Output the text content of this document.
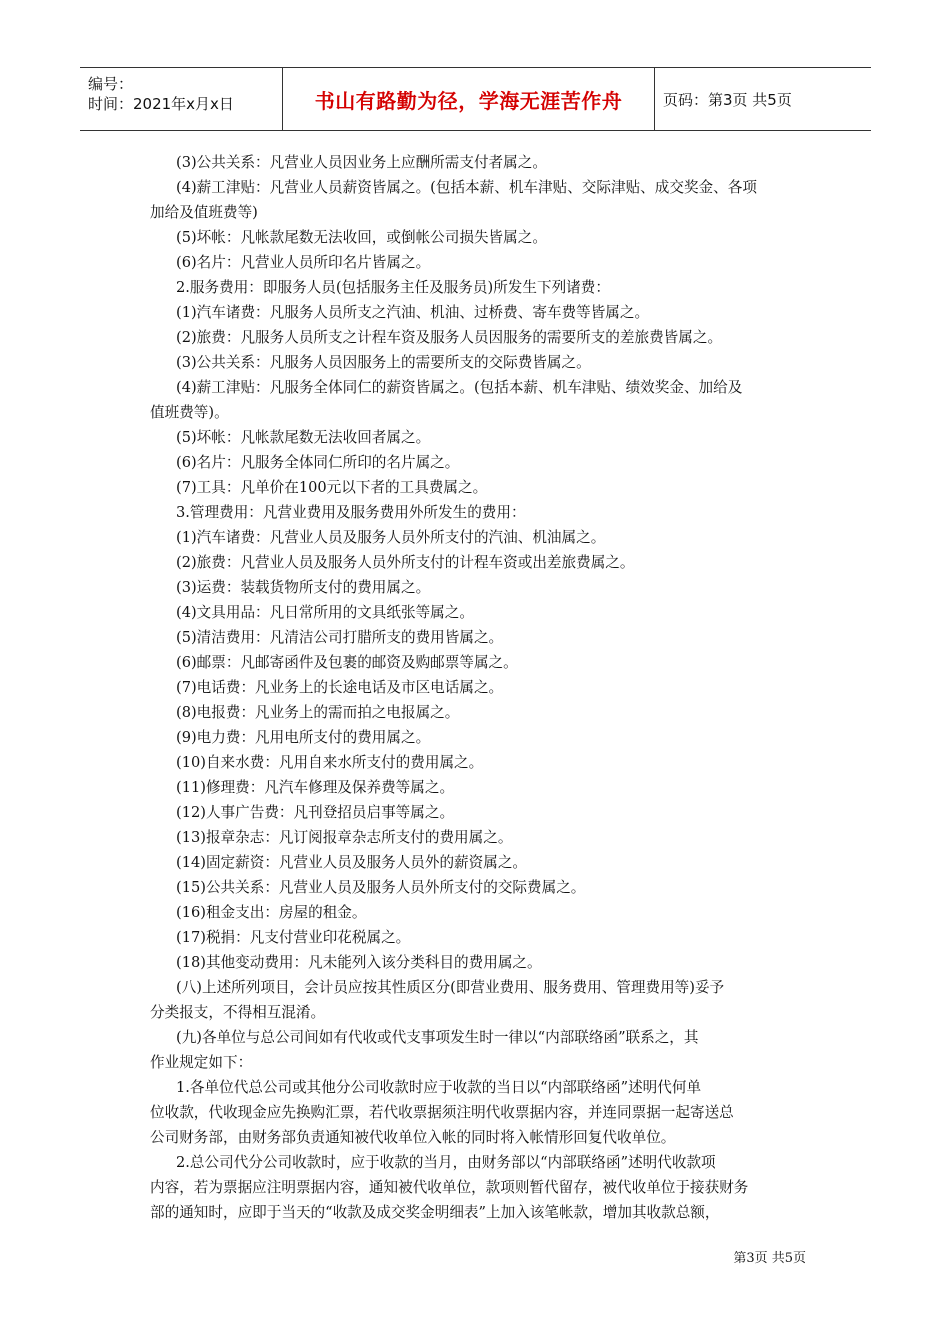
编号：
时间：2021年x月x日	书山有路勤为径，学海无涯苦作舟	页码：第3页 共5页
(3)公共关系：凡营业人员因业务上应酬所需支付者属之。
(4)薪工津贴：凡营业人员薪资皆属之。(包括本薪、机车津贴、交际津贴、成交奖金、各项
加给及值班费等)
(5)坏帐：凡帐款尾数无法收回，或倒帐公司损失皆属之。
(6)名片：凡营业人员所印名片皆属之。
2.服务费用：即服务人员(包括服务主任及服务员)所发生下列诸费：
(1)汽车诸费：凡服务人员所支之汽油、机油、过桥费、寄车费等皆属之。
(2)旅费：凡服务人员所支之计程车资及服务人员因服务的需要所支的差旅费皆属之。
(3)公共关系：凡服务人员因服务上的需要所支的交际费皆属之。
(4)薪工津贴：凡服务全体同仁的薪资皆属之。(包括本薪、机车津贴、绩效奖金、加给及
值班费等)。
(5)坏帐：凡帐款尾数无法收回者属之。
(6)名片：凡服务全体同仁所印的名片属之。
(7)工具：凡单价在100元以下者的工具费属之。
3.管理费用：凡营业费用及服务费用外所发生的费用：
(1)汽车诸费：凡营业人员及服务人员外所支付的汽油、机油属之。
(2)旅费：凡营业人员及服务人员外所支付的计程车资或出差旅费属之。
(3)运费：装载货物所支付的费用属之。
(4)文具用品：凡日常所用的文具纸张等属之。
(5)清洁费用：凡清洁公司打腊所支的费用皆属之。
(6)邮票：凡邮寄函件及包裹的邮资及购邮票等属之。
(7)电话费：凡业务上的长途电话及市区电话属之。
(8)电报费：凡业务上的需而拍之电报属之。
(9)电力费：凡用电所支付的费用属之。
(10)自来水费：凡用自来水所支付的费用属之。
(11)修理费：凡汽车修理及保养费等属之。
(12)人事广告费：凡刊登招员启事等属之。
(13)报章杂志：凡订阅报章杂志所支付的费用属之。
(14)固定薪资：凡营业人员及服务人员外的薪资属之。
(15)公共关系：凡营业人员及服务人员外所支付的交际费属之。
(16)租金支出：房屋的租金。
(17)税捐：凡支付营业印花税属之。
(18)其他变动费用：凡未能列入该分类科目的费用属之。
(八)上述所列项目，会计员应按其性质区分(即营业费用、服务费用、管理费用等)妥予
分类报支，不得相互混淆。
(九)各单位与总公司间如有代收或代支事项发生时一律以“内部联络函”联系之，其
作业规定如下：
1.各单位代总公司或其他分公司收款时应于收款的当日以“内部联络函”述明代何单
位收款，代收现金应先换购汇票，若代收票据须注明代收票据内容，并连同票据一起寄送总
公司财务部，由财务部负责通知被代收单位入帐的同时将入帐情形回复代收单位。
2.总公司代分公司收款时，应于收款的当月，由财务部以“内部联络函”述明代收款项
内容，若为票据应注明票据内容，通知被代收单位，款项则暂代留存，被代收单位于接获财务
部的通知时，应即于当天的“收款及成交奖金明细表”上加入该笔帐款，增加其收款总额，
第3页 共5页
